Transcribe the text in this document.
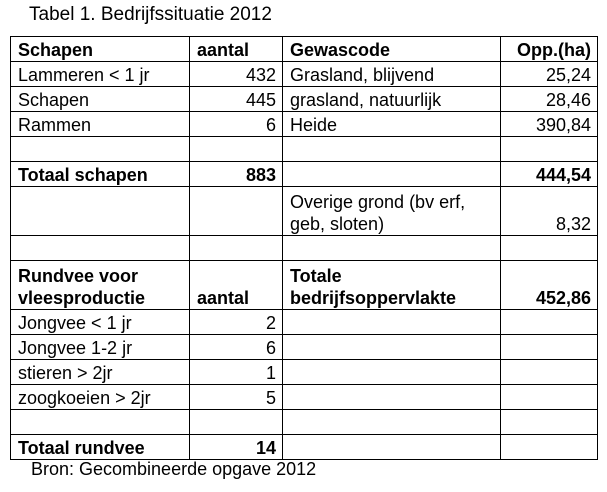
Tabel 1. Bedrijfssituatie 2012
Schapen	aantal	Gewascode	Opp.(ha)
Lammeren < 1 jr	432	Grasland, blijvend	25,24
Schapen	445	grasland, natuurlijk	28,46
Rammen	6	Heide	390,84

Totaal schapen	883		444,54
		Overige grond (bv erf, geb, sloten)	8,32

Rundvee voor vleesproductie	aantal	Totale bedrijfsoppervlakte	452,86
Jongvee < 1 jr	2		
Jongvee 1-2 jr	6		
stieren > 2jr	1		
zoogkoeien > 2jr	5		

Totaal rundvee	14		
Bron: Gecombineerde opgave 2012
